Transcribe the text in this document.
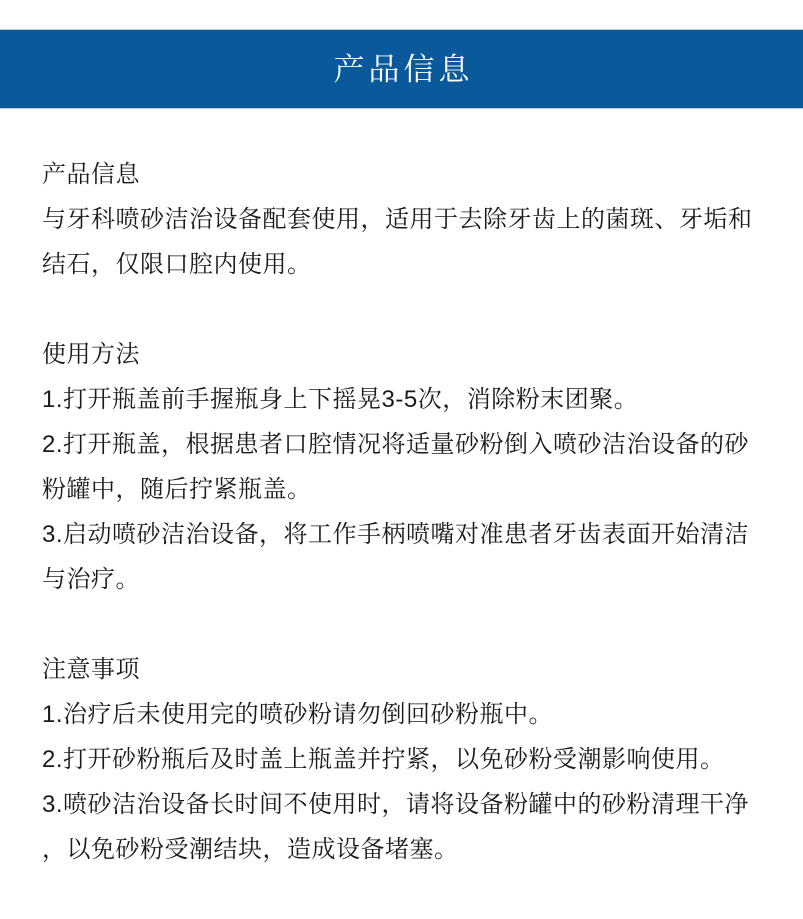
产品信息
产品信息
与牙科喷砂洁治设备配套使用，适用于去除牙齿上的菌斑、牙垢和
结石，仅限口腔内使用。
使用方法
1.打开瓶盖前手握瓶身上下摇晃3-5次，消除粉末团聚。
2.打开瓶盖，根据患者口腔情况将适量砂粉倒入喷砂洁治设备的砂
粉罐中，随后拧紧瓶盖。
3.启动喷砂洁治设备，将工作手柄喷嘴对准患者牙齿表面开始清洁
与治疗。
注意事项
1.治疗后未使用完的喷砂粉请勿倒回砂粉瓶中。
2.打开砂粉瓶后及时盖上瓶盖并拧紧，以免砂粉受潮影响使用。
3.喷砂洁治设备长时间不使用时，请将设备粉罐中的砂粉清理干净
，以免砂粉受潮结块，造成设备堵塞。
